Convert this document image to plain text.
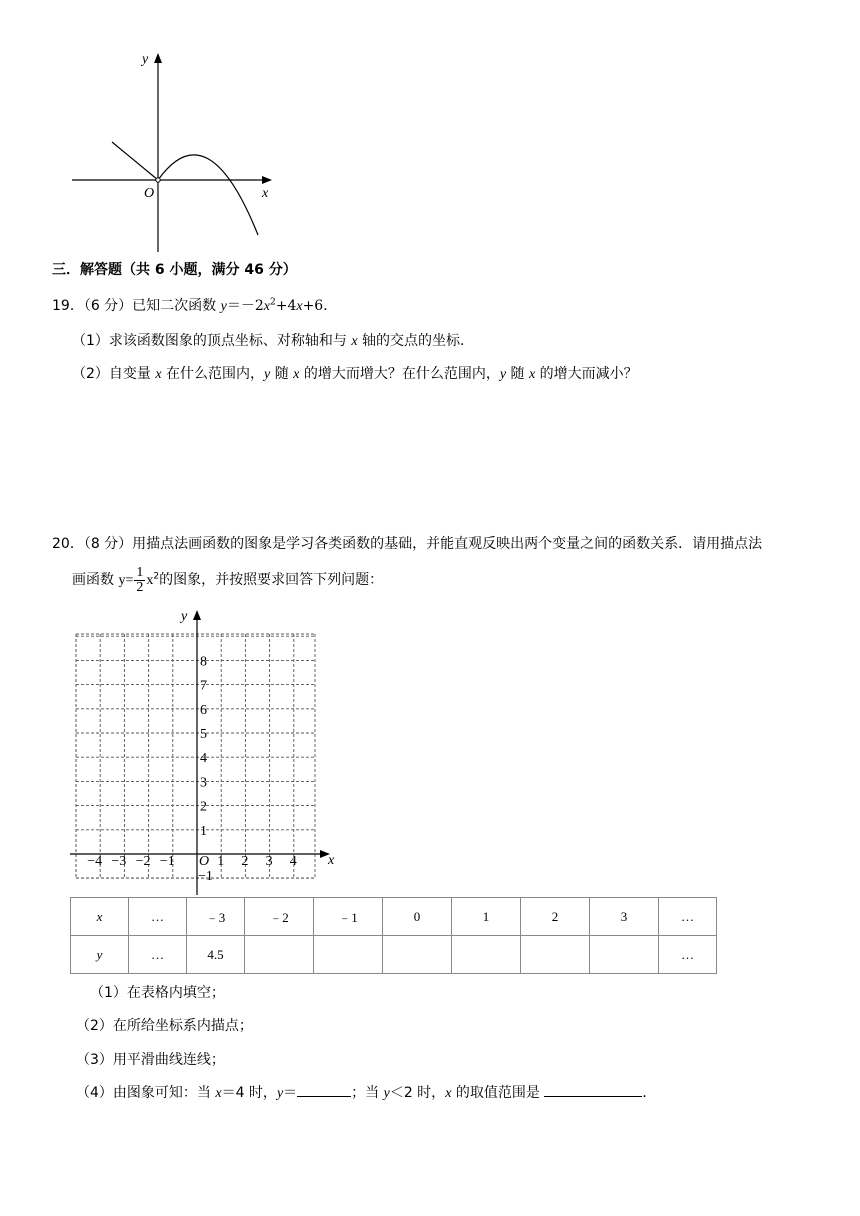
y
x
O
三．解答题（共 6 小题，满分 46 分）
19．（6 分）已知二次函数 $y=-2x^2+4x+6$．
（1）求该函数图象的顶点坐标、对称轴和与 x 轴的交点的坐标．
（2）自变量 x 在什么范围内，y 随 x 的增大而增大？在什么范围内，y 随 x 的增大而减小？
20．（8 分）用描点法画函数的图象是学习各类函数的基础，并能直观反映出两个变量之间的函数关系．请用描点法
画函数 $y= \frac{1}{2} x^2$的图象，并按照要求回答下列问题：
y
x
O
−1
8
7
6
5
4
3
2
1
−4 −3 −2 −1	1 2 3 4
x	…	﹣3	﹣2	﹣1	0	1	2	3	…
y	…	4.5							…
（1）在表格内填空；
（2）在所给坐标系内描点；
（3）用平滑曲线连线；
（4）由图象可知：当 x＝4 时，y＝	；当 y＜2 时，x 的取值范围是	．
